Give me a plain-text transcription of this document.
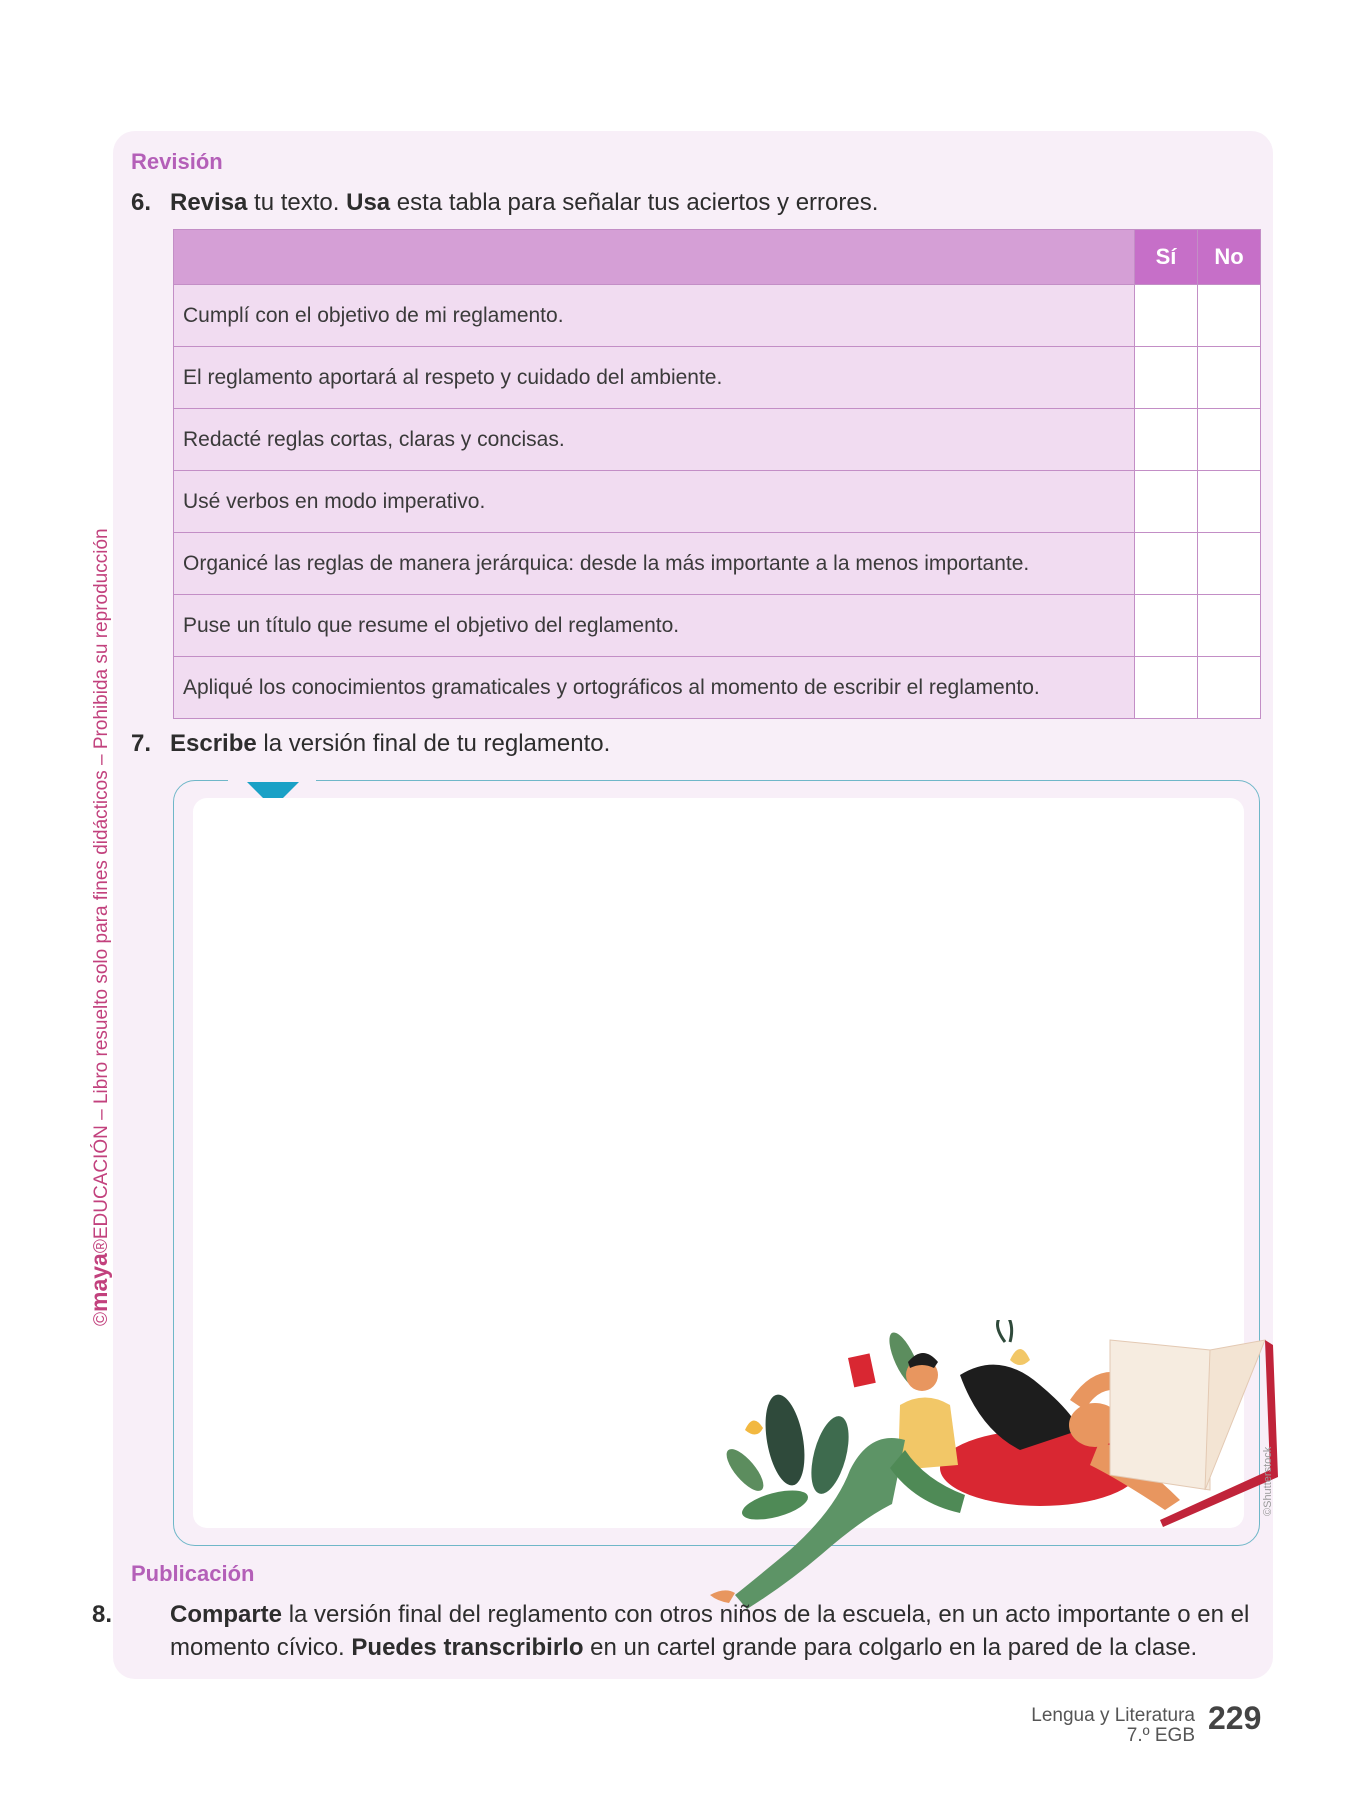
Revisión
6. Revisa tu texto. Usa esta tabla para señalar tus aciertos y errores.
	Sí	No
Cumplí con el objetivo de mi reglamento.		
El reglamento aportará al respeto y cuidado del ambiente.		
Redacté reglas cortas, claras y concisas.		
Usé verbos en modo imperativo.		
Organicé las reglas de manera jerárquica: desde la más importante a la menos importante.		
Puse un título que resume el objetivo del reglamento.		
Apliqué los conocimientos gramaticales y ortográficos al momento de escribir el reglamento.		
7. Escribe la versión final de tu reglamento.
©Shutterstock
Publicación
8. Comparte la versión final del reglamento con otros niños de la escuela, en un acto importante o en el momento cívico. Puedes transcribirlo en un cartel grande para colgarlo en la pared de la clase.
©maya®EDUCACIÓN – Libro resuelto solo para fines didácticos – Prohibida su reproducción
Lengua y Literatura
7.º EGB 229
